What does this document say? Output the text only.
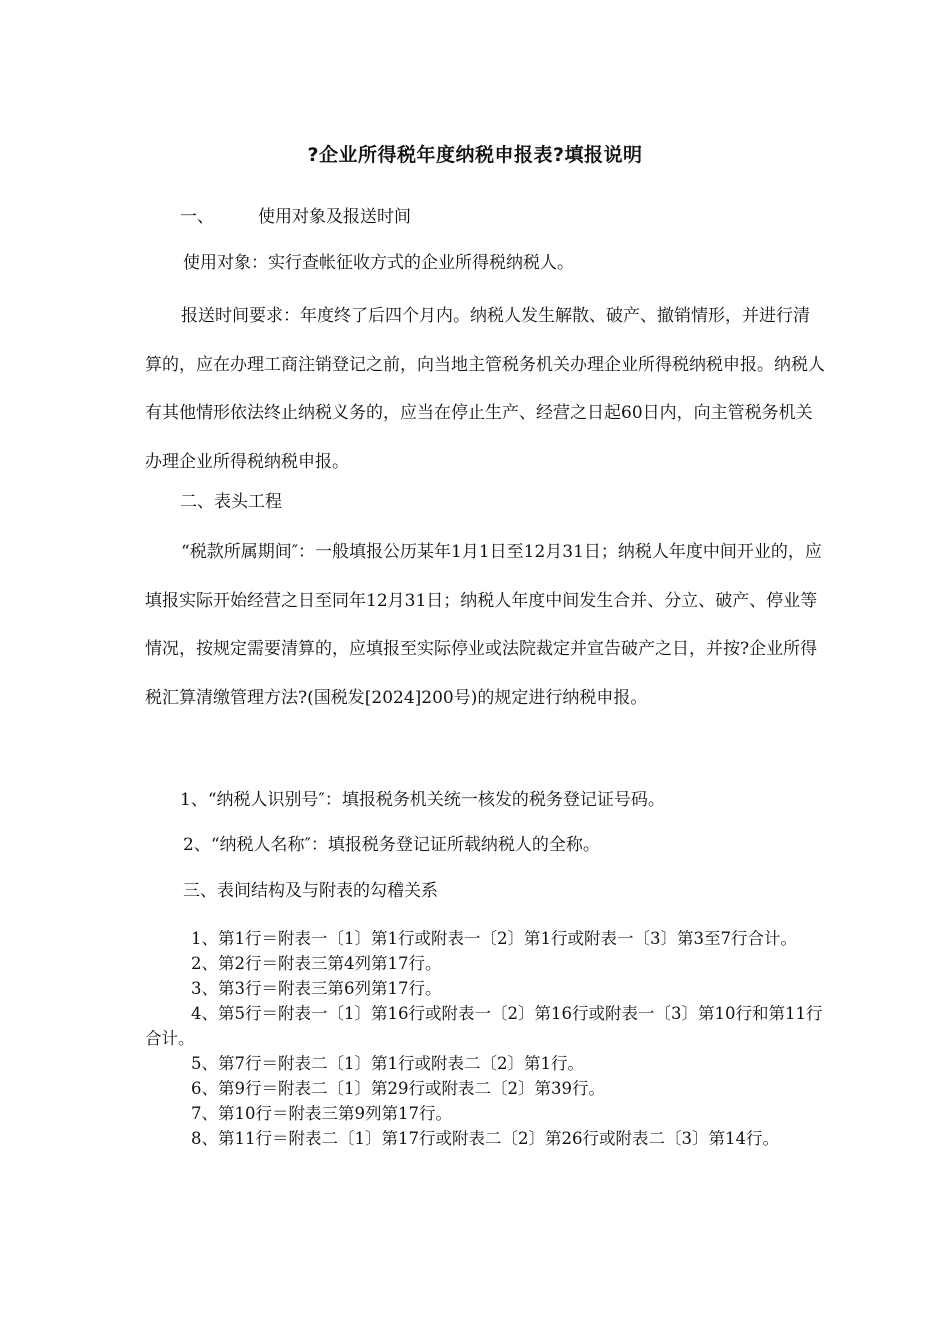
?企业所得税年度纳税申报表?填报说明
一、	使用对象及报送时间
使用对象：实行查帐征收方式的企业所得税纳税人。
报送时间要求：年度终了后四个月内。纳税人发生解散、破产、撤销情形，并进行清算的，应在办理工商注销登记之前，向当地主管税务机关办理企业所得税纳税申报。纳税人有其他情形依法终止纳税义务的，应当在停止生产、经营之日起60日内，向主管税务机关办理企业所得税纳税申报。
二、表头工程
“税款所属期间″：一般填报公历某年1月1日至12月31日；纳税人年度中间开业的，应填报实际开始经营之日至同年12月31日；纳税人年度中间发生合并、分立、破产、停业等情况，按规定需要清算的，应填报至实际停业或法院裁定并宣告破产之日，并按?企业所得税汇算清缴管理方法?(国税发[2024]200号)的规定进行纳税申报。
1、“纳税人识别号″：填报税务机关统一核发的税务登记证号码。
2、“纳税人名称″：填报税务登记证所载纳税人的全称。
三、表间结构及与附表的勾稽关系
1、第1行＝附表一〔1〕第1行或附表一〔2〕第1行或附表一〔3〕第3至7行合计。
2、第2行＝附表三第4列第17行。
3、第3行＝附表三第6列第17行。
4、第5行＝附表一〔1〕第16行或附表一〔2〕第16行或附表一〔3〕第10行和第11行合计。
5、第7行＝附表二〔1〕第1行或附表二〔2〕第1行。
6、第9行＝附表二〔1〕第29行或附表二〔2〕第39行。
7、第10行＝附表三第9列第17行。
8、第11行＝附表二〔1〕第17行或附表二〔2〕第26行或附表二〔3〕第14行。
